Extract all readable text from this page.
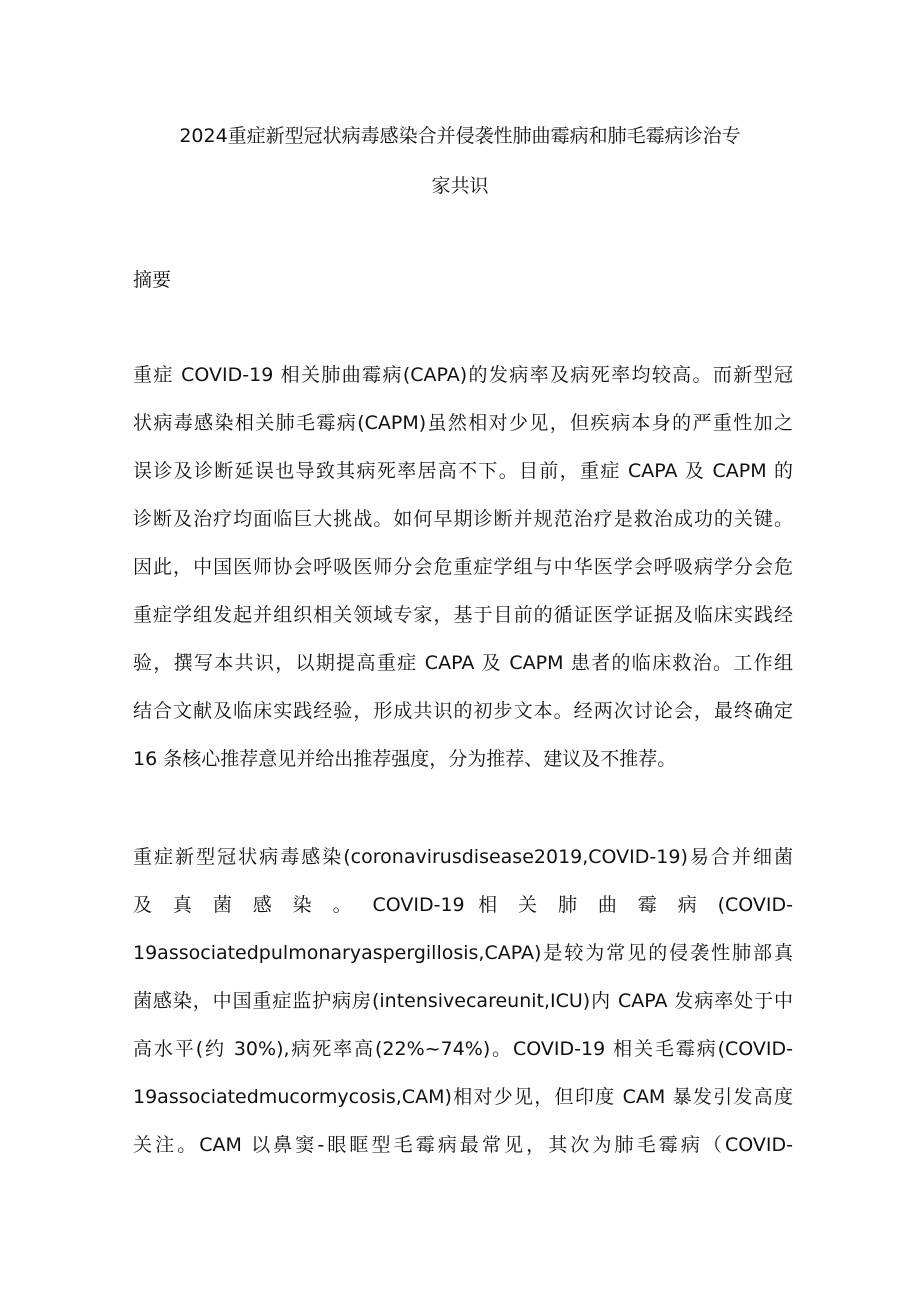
2024重症新型冠状病毒感染合并侵袭性肺曲霉病和肺毛霉病诊治专
家共识
摘要
重症 COVID-19 相关肺曲霉病(CAPA)的发病率及病死率均较高。而新型冠
状病毒感染相关肺毛霉病(CAPM)虽然相对少见，但疾病本身的严重性加之
误诊及诊断延误也导致其病死率居高不下。目前，重症 CAPA 及 CAPM 的
诊断及治疗均面临巨大挑战。如何早期诊断并规范治疗是救治成功的关键。
因此，中国医师协会呼吸医师分会危重症学组与中华医学会呼吸病学分会危
重症学组发起并组织相关领域专家，基于目前的循证医学证据及临床实践经
验，撰写本共识，以期提高重症 CAPA 及 CAPM 患者的临床救治。工作组
结合文献及临床实践经验，形成共识的初步文本。经两次讨论会，最终确定
16 条核心推荐意见并给出推荐强度，分为推荐、建议及不推荐。
重症新型冠状病毒感染(coronavirusdisease2019,COVID-19)易合并细菌
及 真 菌 感 染 。 COVID-19 相 关 肺 曲 霉 病 (COVID-
19associatedpulmonaryaspergillosis,CAPA)是较为常见的侵袭性肺部真
菌感染，中国重症监护病房(intensivecareunit,ICU)内 CAPA 发病率处于中
高水平(约 30%),病死率高(22%~74%)。COVID-19 相关毛霉病(COVID-
19associatedmucormycosis,CAM)相对少见，但印度 CAM 暴发引发高度
关注。CAM 以鼻窦-眼眶型毛霉病最常见，其次为肺毛霉病（COVID-
